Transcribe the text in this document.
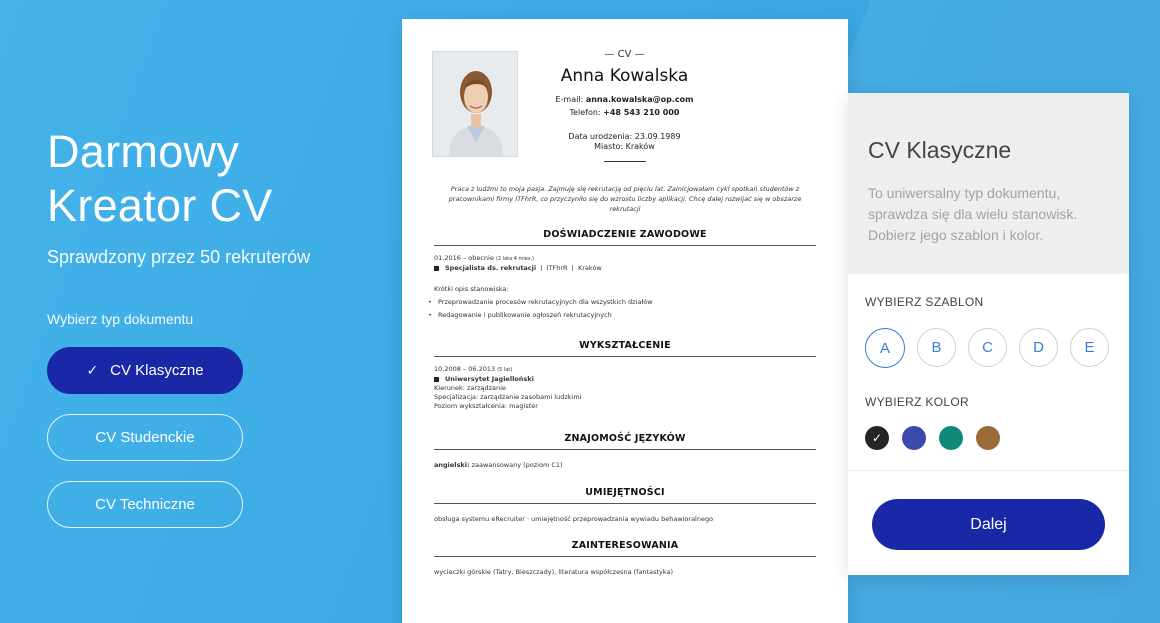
Darmowy
Kreator CV
Sprawdzony przez 50 rekruterów
Wybierz typ dokumentu
✓ CV Klasyczne
CV Studenckie
CV Techniczne
— CV —
Anna Kowalska
E-mail: anna.kowalska@op.com
Telefon: +48 543 210 000
Data urodzenia: 23.09.1989
Miasto: Kraków
Praca z ludźmi to moja pasja. Zajmuję się rekrutacją od pięciu lat. Zainicjowałam cykl spotkań studentów z pracownikami firmy ITFhrR, co przyczyniło się do wzrostu liczby aplikacji. Chcę dalej rozwijać się w obszarze rekrutacji
DOŚWIADCZENIE ZAWODOWE
01.2016 – obecnie (2 lata 4 mies.)
Specjalista ds. rekrutacji  |  ITFhrR  |  Kraków
Krótki opis stanowiska:
• Przeprowadzanie procesów rekrutacyjnych dla wszystkich działów
• Redagowanie i publikowanie ogłoszeń rekrutacyjnych
WYKSZTAŁCENIE
10.2008 – 06.2013 (5 lat)
Uniwersytet Jagielloński
Kierunek: zarządzanie
Specjalizacja: zarządzanie zasobami ludzkimi
Poziom wykształcenia: magister
ZNAJOMOŚĆ JĘZYKÓW
angielski: zaawansowany (poziom C1)
UMIEJĘTNOŚCI
obsługa systemu eRecruiter · umiejętność przeprowadzania wywiadu behawioralnego
ZAINTERESOWANIA
wycieczki górskie (Tatry, Bieszczady), literatura współczesna (fantastyka)
CV Klasyczne
To uniwersalny typ dokumentu, sprawdza się dla wielu stanowisk. Dobierz jego szablon i kolor.
WYBIERZ SZABLON
A	B	C	D	E
WYBIERZ KOLOR
✓
Dalej
